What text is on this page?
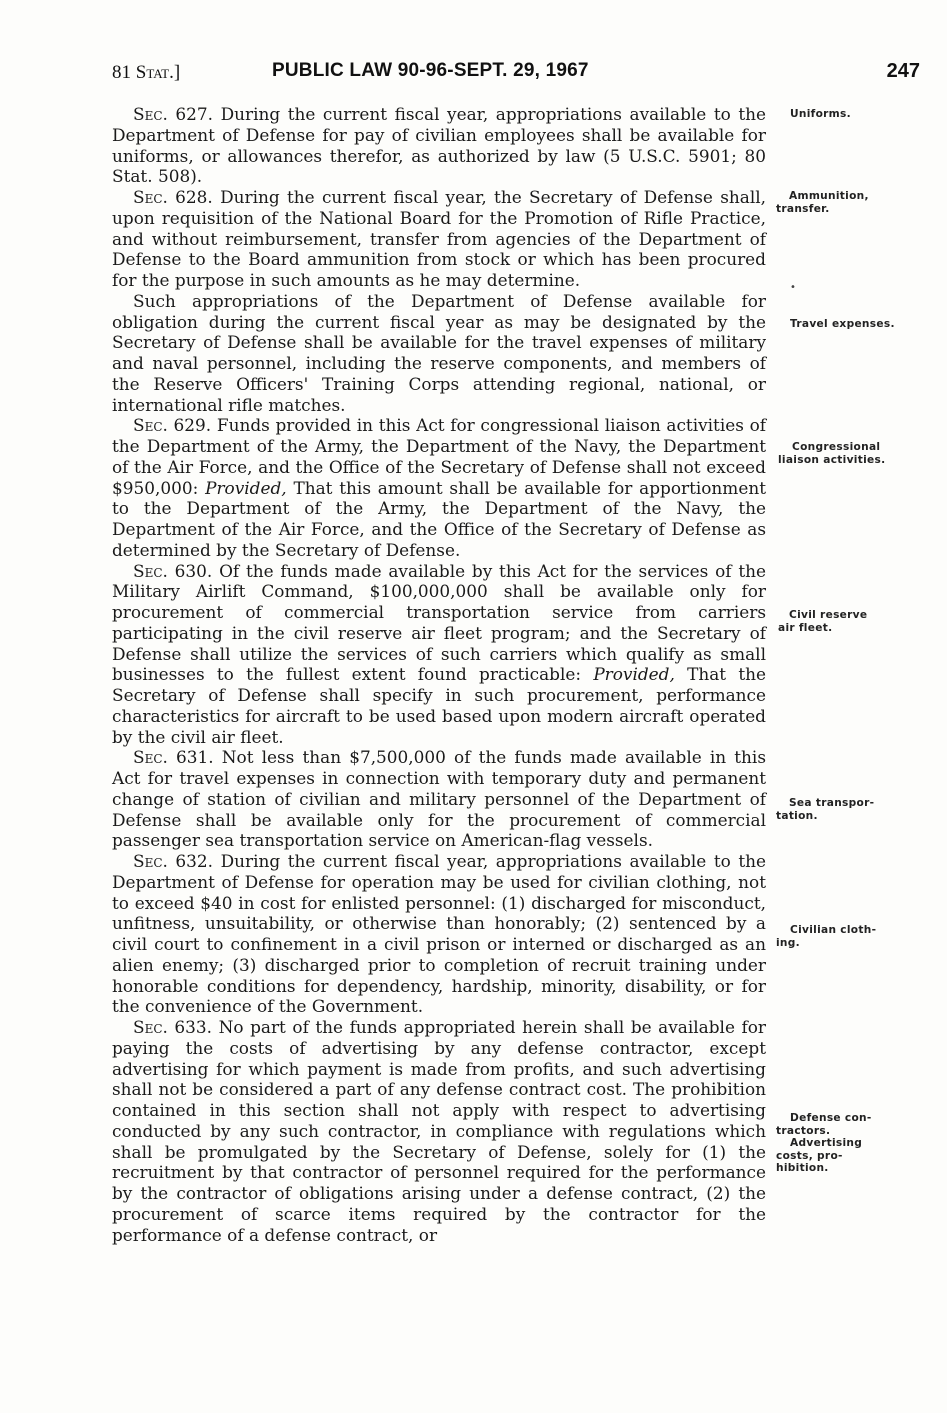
81 Stat.]	PUBLIC LAW 90-96-SEPT. 29, 1967	247

Sec. 627. During the current fiscal year, appropriations available to the Department of Defense for pay of civilian employees shall be available for uniforms, or allowances therefor, as authorized by law (5 U.S.C. 5901; 80 Stat. 508).

Sec. 628. During the current fiscal year, the Secretary of Defense shall, upon requisition of the National Board for the Promotion of Rifle Practice, and without reimbursement, transfer from agencies of the Department of Defense to the Board ammunition from stock or which has been procured for the purpose in such amounts as he may determine.

Such appropriations of the Department of Defense available for obligation during the current fiscal year as may be designated by the Secretary of Defense shall be available for the travel expenses of military and naval personnel, including the reserve components, and members of the Reserve Officers' Training Corps attending regional, national, or international rifle matches.

Sec. 629. Funds provided in this Act for congressional liaison activities of the Department of the Army, the Department of the Navy, the Department of the Air Force, and the Office of the Secretary of Defense shall not exceed $950,000: Provided, That this amount shall be available for apportionment to the Department of the Army, the Department of the Navy, the Department of the Air Force, and the Office of the Secretary of Defense as determined by the Secretary of Defense.

Sec. 630. Of the funds made available by this Act for the services of the Military Airlift Command, $100,000,000 shall be available only for procurement of commercial transportation service from carriers participating in the civil reserve air fleet program; and the Secretary of Defense shall utilize the services of such carriers which qualify as small businesses to the fullest extent found practicable: Provided, That the Secretary of Defense shall specify in such procurement, performance characteristics for aircraft to be used based upon modern aircraft operated by the civil air fleet.

Sec. 631. Not less than $7,500,000 of the funds made available in this Act for travel expenses in connection with temporary duty and permanent change of station of civilian and military personnel of the Department of Defense shall be available only for the procurement of commercial passenger sea transportation service on American-flag vessels.

Sec. 632. During the current fiscal year, appropriations available to the Department of Defense for operation may be used for civilian clothing, not to exceed $40 in cost for enlisted personnel: (1) discharged for misconduct, unfitness, unsuitability, or otherwise than honorably; (2) sentenced by a civil court to confinement in a civil prison or interned or discharged as an alien enemy; (3) discharged prior to completion of recruit training under honorable conditions for dependency, hardship, minority, disability, or for the convenience of the Government.

Sec. 633. No part of the funds appropriated herein shall be available for paying the costs of advertising by any defense contractor, except advertising for which payment is made from profits, and such advertising shall not be considered a part of any defense contract cost. The prohibition contained in this section shall not apply with respect to advertising conducted by any such contractor, in compliance with regulations which shall be promulgated by the Secretary of Defense, solely for (1) the recruitment by that contractor of personnel required for the performance by the contractor of obligations arising under a defense contract, (2) the procurement of scarce items required by the contractor for the performance of a defense contract, or

Uniforms.
Ammunition,
transfer.
•
Travel expenses.
Congressional
liaison activities.
Civil reserve
air fleet.
Sea transpor-
tation.
Civilian cloth-
ing.
Defense con-
tractors.

Advertising
costs, pro-
hibition.
